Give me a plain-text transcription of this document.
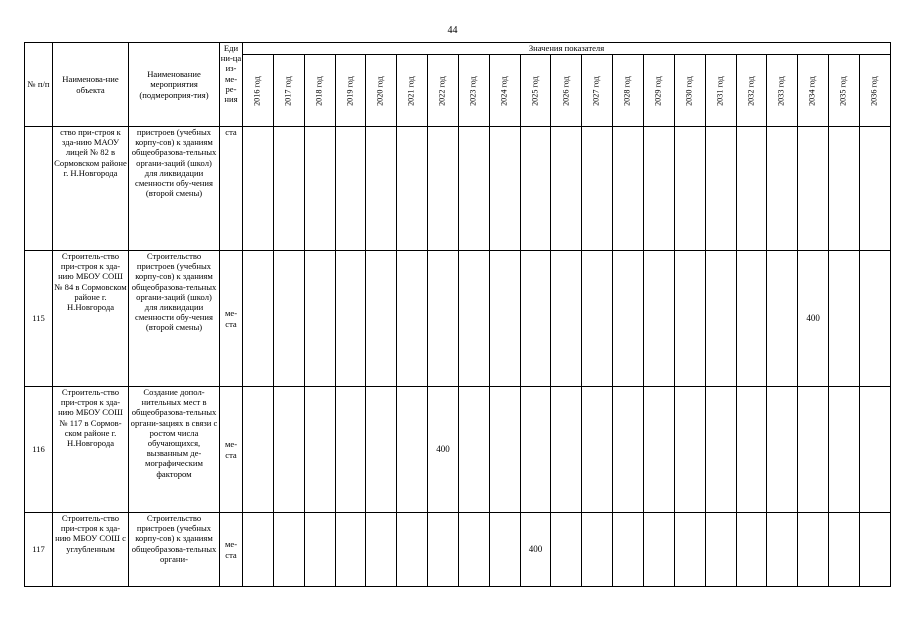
44
№ п/п	Наименова-ние объекта	Наименование мероприятия (подмероприя-тия)	Еди ни-ца из-ме-ре-ния	Значения показателя																				
				2016 год	2017 год	2018 год	2019 год	2020 год	2021 год	2022 год	2023 год	2024 год	2025 год	2026 год	2027 год	2028 год	2029 год	2030 год	2031 год	2032 год	2033 год	2034 год	2035 год	2036 год

	ство при-строя к зда-нию МАОУ лицей № 82 в Сормовском районе г. Н.Новгорода	пристроев (учебных корпу-сов) к зданиям общеобразова-тельных органи-заций (школ) для ликвидации сменности обу-чения (второй смены)	ста																					

115	Строитель-ство при-строя к зда-нию МБОУ СОШ № 84 в Сормовском районе г. Н.Новгорода	Строительство пристроев (учебных корпу-сов) к зданиям общеобразова-тельных органи-заций (школ) для ликвидации сменности обу-чения (второй смены)	ме-ста																			400		

116	Строитель-ство при-строя к зда-нию МБОУ СОШ № 117 в Сормов-ском районе г. Н.Новгорода	Создание допол-нительных мест в общеобразова-тельных органи-зациях в связи с ростом числа обучающихся, вызванным де-мографическим фактором	ме-ста							400														

117	Строитель-ство при-строя к зда-нию МБОУ СОШ с углубленным	Строительство пристроев (учебных корпу-сов) к зданиям общеобразова-тельных органи-	ме-ста										400											
